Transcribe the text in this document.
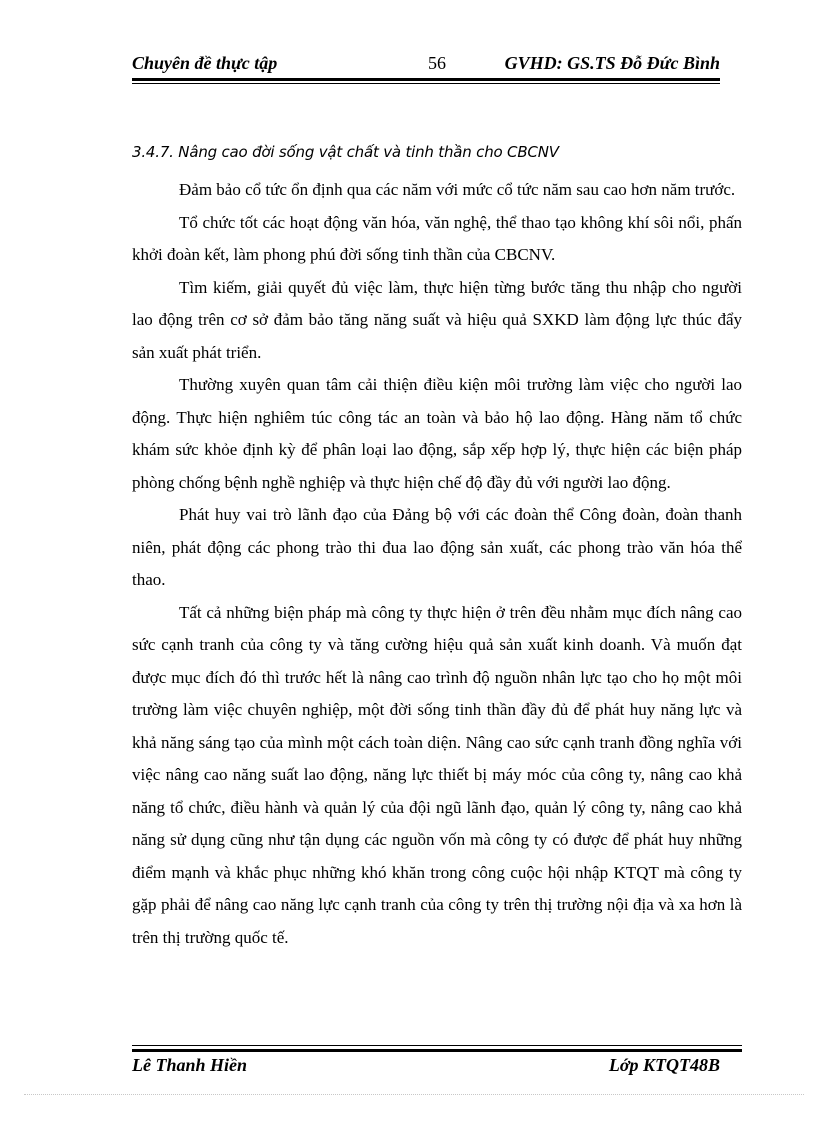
Chuyên đề thực tập	56	GVHD: GS.TS Đỗ Đức Bình
3.4.7. Nâng cao đời sống vật chất và tinh thần cho CBCNV

Đảm bảo cổ tức ổn định qua các năm với mức cổ tức năm sau cao hơn năm trước.

Tổ chức tốt các hoạt động văn hóa, văn nghệ, thể thao tạo không khí sôi nổi, phấn khởi đoàn kết, làm phong phú đời sống tinh thần của CBCNV.

Tìm kiếm, giải quyết đủ việc làm, thực hiện từng bước tăng thu nhập cho người lao động trên cơ sở đảm bảo tăng năng suất và hiệu quả SXKD làm động lực thúc đẩy sản xuất phát triển.

Thường xuyên quan tâm cải thiện điều kiện môi trường làm việc cho người lao động. Thực hiện nghiêm túc công tác an toàn và bảo hộ lao động. Hàng năm tổ chức khám sức khỏe định kỳ để phân loại lao động, sắp xếp hợp lý, thực hiện các biện pháp phòng chống bệnh nghề nghiệp và thực hiện chế độ đầy đủ với người lao động.

Phát huy vai trò lãnh đạo của Đảng bộ với các đoàn thể Công đoàn, đoàn thanh niên, phát động các phong trào thi đua lao động sản xuất, các phong trào văn hóa thể thao.

Tất cả những biện pháp mà công ty thực hiện ở trên đều nhằm mục đích nâng cao sức cạnh tranh của công ty và tăng cường hiệu quả sản xuất kinh doanh. Và muốn đạt được mục đích đó thì trước hết là nâng cao trình độ nguồn nhân lực tạo cho họ một môi trường làm việc chuyên nghiệp, một đời sống tinh thần đầy đủ để phát huy năng lực và khả năng sáng tạo của mình một cách toàn diện. Nâng cao sức cạnh tranh đồng nghĩa với việc nâng cao năng suất lao động, năng lực thiết bị máy móc của công ty, nâng cao khả năng tổ chức, điều hành và quản lý của đội ngũ lãnh đạo, quản lý công ty, nâng cao khả năng sử dụng cũng như tận dụng các nguồn vốn mà công ty có được để phát huy những điểm mạnh và khắc phục những khó khăn trong công cuộc hội nhập KTQT mà công ty gặp phải để nâng cao năng lực cạnh tranh của công ty trên thị trường nội địa và xa hơn là trên thị trường quốc tế.

Lê Thanh Hiền	Lớp KTQT48B
